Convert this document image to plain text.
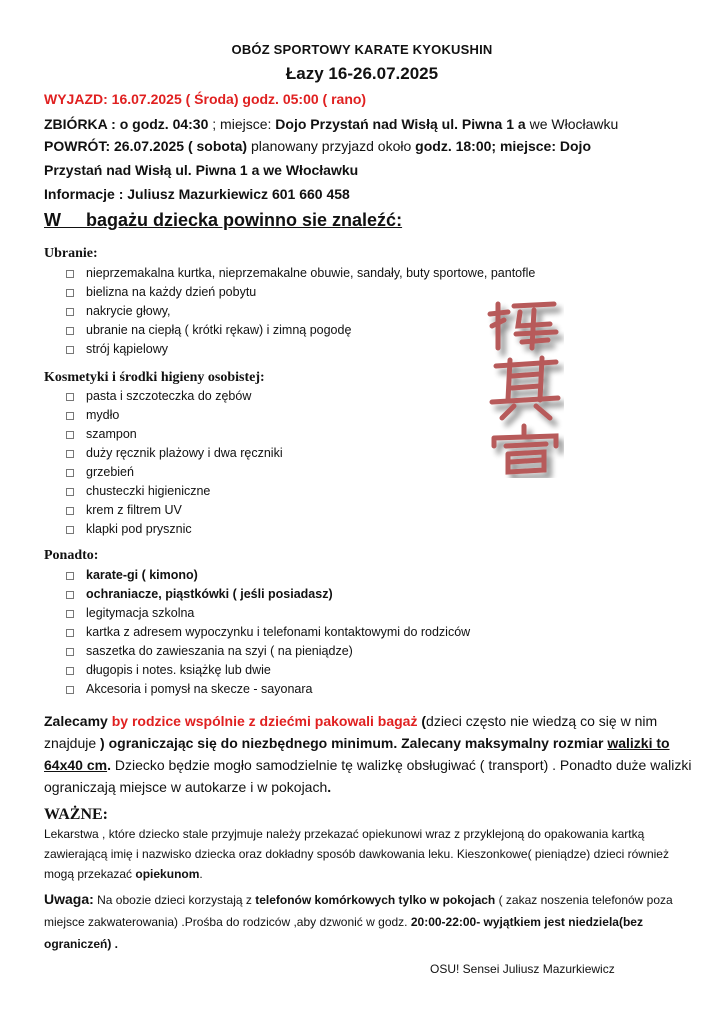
OBÓZ SPORTOWY KARATE KYOKUSHIN
Łazy 16-26.07.2025
WYJAZD: 16.07.2025 ( Środa) godz. 05:00 ( rano)
ZBIÓRKA : o godz. 04:30 ; miejsce: Dojo Przystań nad Wisłą ul. Piwna 1 a we Włocławku
POWRÓT: 26.07.2025 ( sobota) planowany przyjazd około godz. 18:00; miejsce: Dojo
Przystań nad Wisłą ul. Piwna 1 a we Włocławku
Informacje : Juliusz Mazurkiewicz 601 660 458
W     bagażu dziecka powinno sie znaleźć:
Ubranie:
nieprzemakalna kurtka, nieprzemakalne obuwie, sandały, buty sportowe, pantofle
bielizna na każdy dzień pobytu
nakrycie głowy,
ubranie na ciepłą ( krótki rękaw) i zimną pogodę
strój kąpielowy
Kosmetyki i środki higieny osobistej:
pasta i szczoteczka do zębów
mydło
szampon
duży ręcznik plażowy i dwa ręczniki
grzebień
chusteczki higieniczne
krem z filtrem UV
klapki pod prysznic
Ponadto:
karate-gi ( kimono)
ochraniacze, piąstkówki ( jeśli posiadasz)
legitymacja szkolna
kartka z adresem wypoczynku i telefonami kontaktowymi do rodziców
saszetka do zawieszania na szyi ( na pieniądze)
długopis i notes. książkę lub dwie
Akcesoria i pomysł na skecze - sayonara
Zalecamy by rodzice wspólnie z dziećmi pakowali bagaż (dzieci często nie wiedzą co się w nim znajduje ) ograniczając się do niezbędnego minimum. Zalecany maksymalny rozmiar walizki to 64x40 cm. Dziecko będzie mogło samodzielnie tę walizkę obsługiwać ( transport) . Ponadto duże walizki ograniczają miejsce w autokarze i w pokojach.
WAŻNE:
Lekarstwa , które dziecko stale przyjmuje należy przekazać opiekunowi wraz z przyklejoną do opakowania kartką zawierającą imię i nazwisko dziecka oraz dokładny sposób dawkowania leku. Kieszonkowe( pieniądze) dzieci również mogą przekazać opiekunom.
Uwaga: Na obozie dzieci korzystają z telefonów komórkowych tylko w pokojach ( zakaz noszenia telefonów poza miejsce zakwaterowania) .Prośba do rodziców ,aby dzwonić w godz. 20:00-22:00- wyjątkiem jest niedziela(bez ograniczeń) .
OSU! Sensei Juliusz Mazurkiewicz
